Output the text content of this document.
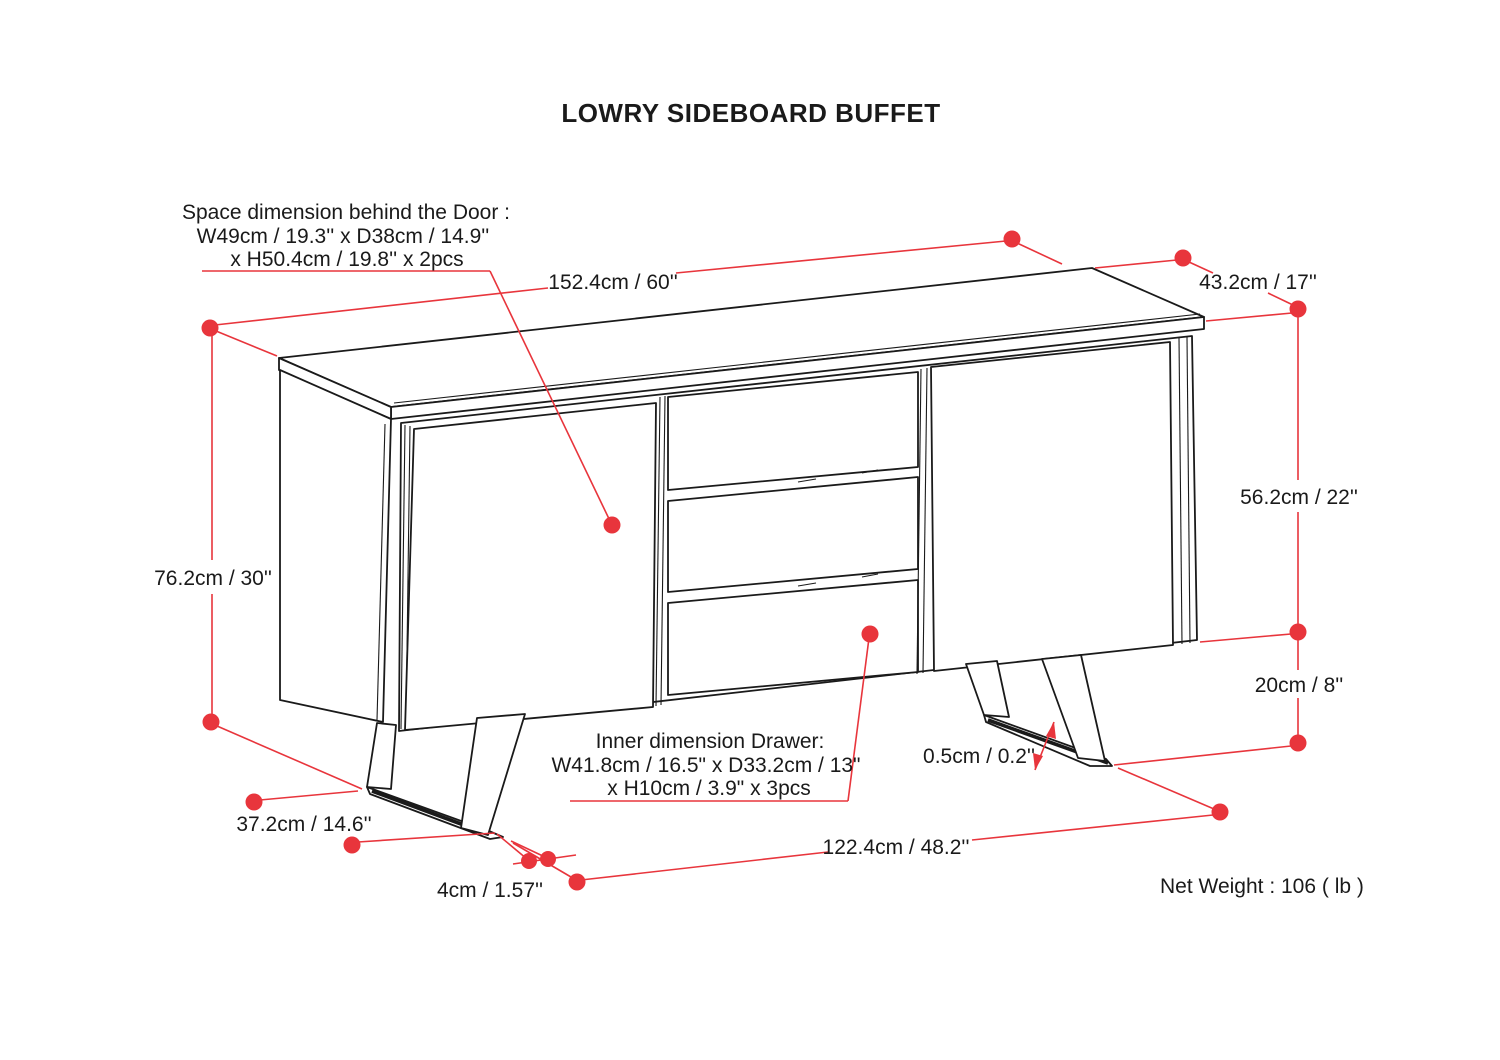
LOWRY SIDEBOARD BUFFET
Space dimension behind the Door :
W49cm / 19.3'' x D38cm / 14.9''
x H50.4cm / 19.8'' x 2pcs
152.4cm / 60''	43.2cm / 17''
76.2cm / 30''
56.2cm / 22''
20cm / 8''
0.5cm / 0.2''
Inner dimension Drawer:
W41.8cm / 16.5" x D33.2cm / 13"
x H10cm / 3.9" x 3pcs
37.2cm / 14.6''
4cm / 1.57''
122.4cm / 48.2''
Net Weight : 106 ( lb )
